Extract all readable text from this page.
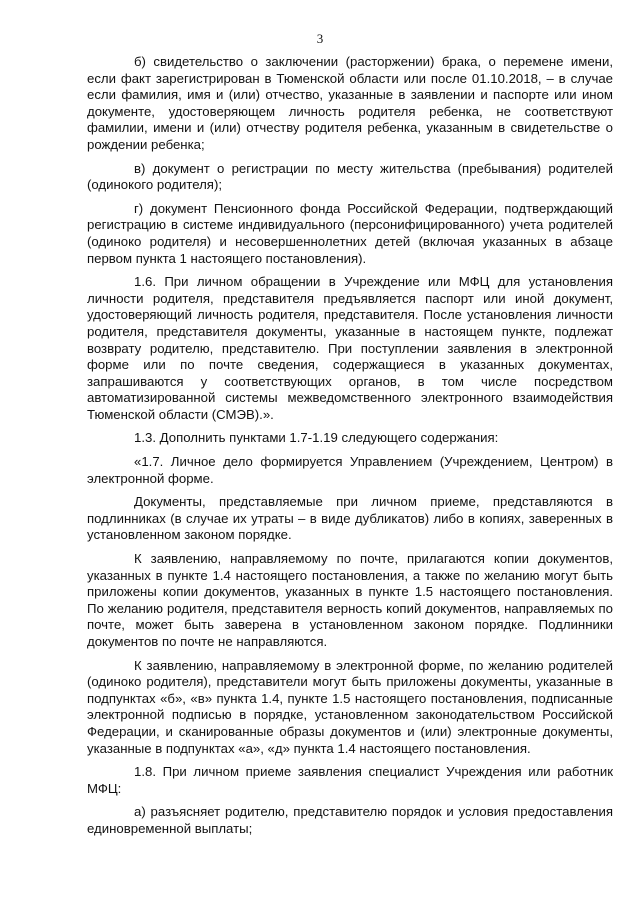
3

б) свидетельство о заключении (расторжении) брака, о перемене имени, если факт зарегистрирован в Тюменской области или после 01.10.2018, – в случае если фамилия, имя и (или) отчество, указанные в заявлении и паспорте или ином документе, удостоверяющем личность родителя ребенка, не соответствуют фамилии, имени и (или) отчеству родителя ребенка, указанным в свидетельстве о рождении ребенка;

в) документ о регистрации по месту жительства (пребывания) родителей (одинокого родителя);

г) документ Пенсионного фонда Российской Федерации, подтверждающий регистрацию в системе индивидуального (персонифицированного) учета родителей (одиноко родителя) и несовершеннолетних детей (включая указанных в абзаце первом пункта 1 настоящего постановления).

1.6. При личном обращении в Учреждение или МФЦ для установления личности родителя, представителя предъявляется паспорт или иной документ, удостоверяющий личность родителя, представителя. После установления личности родителя, представителя документы, указанные в настоящем пункте, подлежат возврату родителю, представителю. При поступлении заявления в электронной форме или по почте сведения, содержащиеся в указанных документах, запрашиваются у соответствующих органов, в том числе посредством автоматизированной системы межведомственного электронного взаимодействия Тюменской области (СМЭВ).».

1.3. Дополнить пунктами 1.7-1.19 следующего содержания:

«1.7. Личное дело формируется Управлением (Учреждением, Центром) в электронной форме.

Документы, представляемые при личном приеме, представляются в подлинниках (в случае их утраты – в виде дубликатов) либо в копиях, заверенных в установленном законом порядке.

К заявлению, направляемому по почте, прилагаются копии документов, указанных в пункте 1.4 настоящего постановления, а также по желанию могут быть приложены копии документов, указанных в пункте 1.5 настоящего постановления. По желанию родителя, представителя верность копий документов, направляемых по почте, может быть заверена в установленном законом порядке. Подлинники документов по почте не направляются.

К заявлению, направляемому в электронной форме, по желанию родителей (одиноко родителя), представители могут быть приложены документы, указанные в подпунктах «б», «в» пункта 1.4, пункте 1.5 настоящего постановления, подписанные электронной подписью в порядке, установленном законодательством Российской Федерации, и сканированные образы документов и (или) электронные документы, указанные в подпунктах «а», «д» пункта 1.4 настоящего постановления.

1.8. При личном приеме заявления специалист Учреждения или работник МФЦ:

а) разъясняет родителю, представителю порядок и условия предоставления единовременной выплаты;
